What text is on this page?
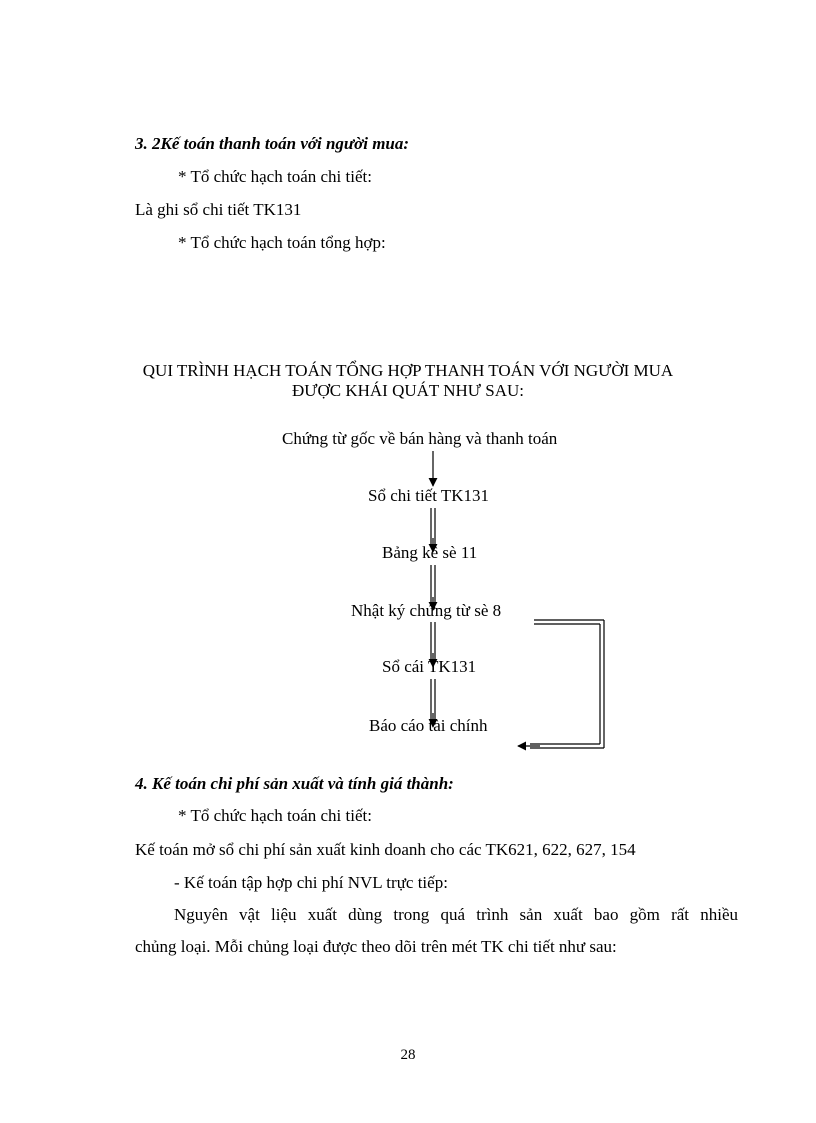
3. 2Kế toán thanh toán với người mua:

* Tổ chức hạch toán chi tiết:

Là ghi sổ chi tiết TK131

* Tổ chức hạch toán tổng hợp:

QUI TRÌNH HẠCH TOÁN TỔNG HỢP THANH TOÁN VỚI NGƯỜI MUA

ĐƯỢC KHÁI QUÁT NHƯ SAU:

Chứng từ gốc về bán hàng và thanh toán

Sổ chi tiết TK131

Bảng kê sè 11

Nhật ký chứng từ sè 8

Sổ cái TK131

Báo cáo tài chính

4. Kế toán chi phí sản xuất và tính giá thành:

* Tổ chức hạch toán chi tiết:

Kế toán mở sổ chi phí sản xuất kinh doanh cho các TK621, 622, 627, 154

- Kế toán tập hợp chi phí NVL trực tiếp:

Nguyên vật liệu xuất dùng trong quá trình sản xuất bao gồm rất nhiều

chủng loại. Mỗi chủng loại được theo dõi trên mét TK chi tiết như sau:

28
